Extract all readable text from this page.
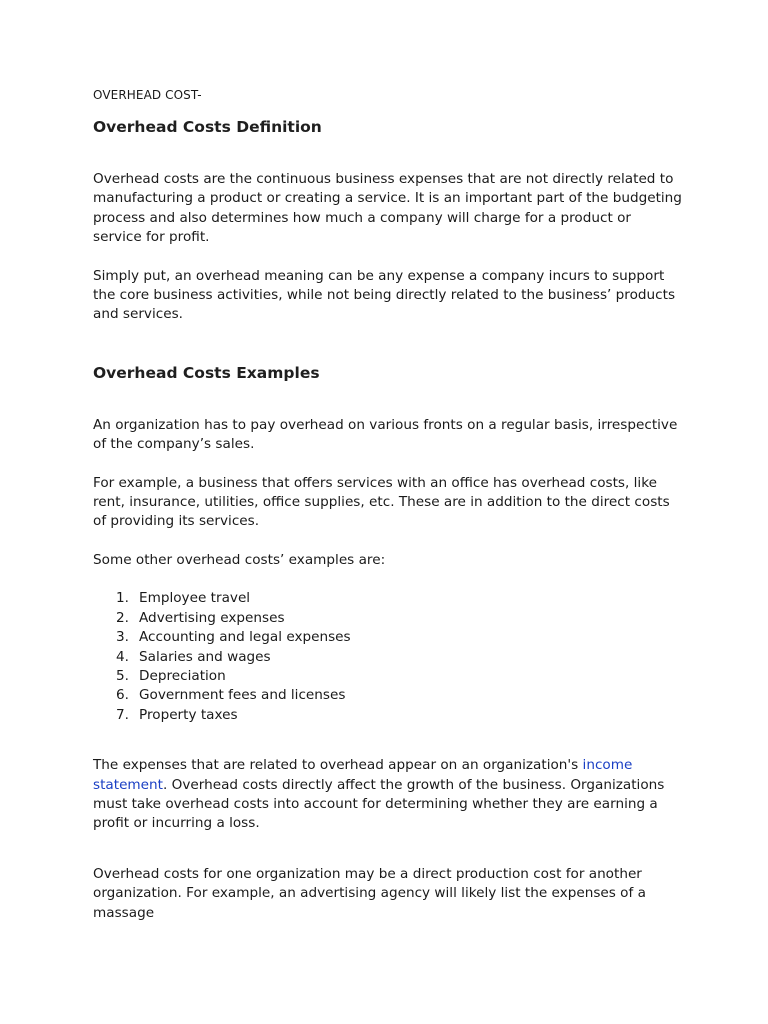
OVERHEAD COST-

Overhead Costs Definition

Overhead costs are the continuous business expenses that are not directly related to manufacturing a product or creating a service. It is an important part of the budgeting process and also determines how much a company will charge for a product or service for profit.

Simply put, an overhead meaning can be any expense a company incurs to support the core business activities, while not being directly related to the business’ products and services.

Overhead Costs Examples

An organization has to pay overhead on various fronts on a regular basis, irrespective of the company’s sales.

For example, a business that offers services with an office has overhead costs, like rent, insurance, utilities, office supplies, etc. These are in addition to the direct costs of providing its services.

Some other overhead costs’ examples are:

1. Employee travel
2. Advertising expenses
3. Accounting and legal expenses
4. Salaries and wages
5. Depreciation
6. Government fees and licenses
7. Property taxes

The expenses that are related to overhead appear on an organization's income statement. Overhead costs directly affect the growth of the business. Organizations must take overhead costs into account for determining whether they are earning a profit or incurring a loss.

Overhead costs for one organization may be a direct production cost for another organization. For example, an advertising agency will likely list the expenses of a massage
